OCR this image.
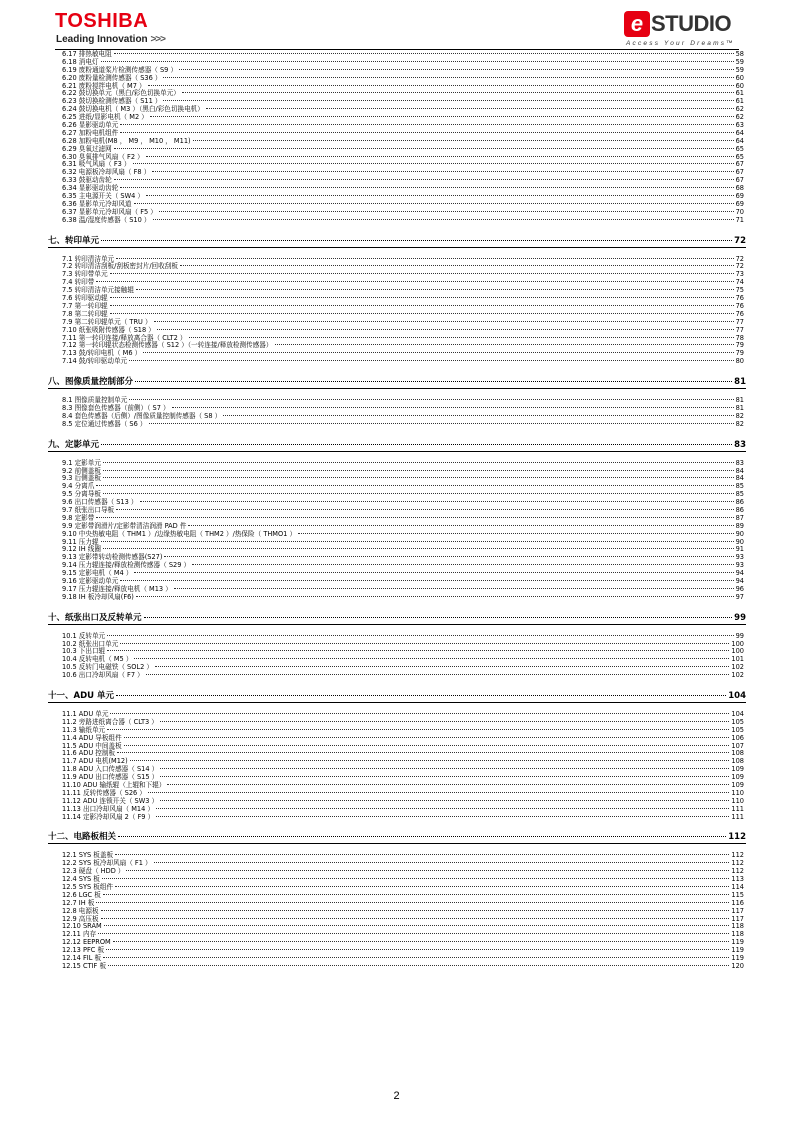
TOSHIBA
Leading Innovation >>>
e STUDIO
Access Your Dreams™
6.17 排热敏电阻	58
6.18 消电灯	59
6.19 废粉通道桨片检测传感器（ S9 ）	59
6.20 废粉量检测传感器（ S36 ）	60
6.21 废粉搅拌电机（ M7 ）	60
6.22 鼓切换单元（黑白/彩色切换单元）	61
6.23 鼓切换检测传感器（ S11 ）	61
6.24 鼓切换电机（ M3 ）（黑白/彩色切换电机）	62
6.25 进纸/显影电机（ M2 ）	62
6.26 显影驱动单元	63
6.27 加粉电机组件	64
6.28 加粉电机(M8 ， M9 ， M10 ， M11)	64
6.29 臭氧过滤网	65
6.30 臭氧排气风扇（ F2 ）	65
6.31 吸气风扇（ F3 ）	67
6.32 电源板冷却风扇（ F8 ）	67
6.33 鼓驱动齿轮	67
6.34 显影驱动齿轮	68
6.35 主电源开关（ SW4 ）	69
6.36 显影单元冷却风道	69
6.37 显影单元冷却风扇（ F5 ）	70
6.38 温/湿度传感器（ S10 ）	71
七、转印单元	72
7.1 转印清洁单元	72
7.2 转印清洁刮板/刮板密封片/回收刮板	72
7.3 转印带单元	73
7.4 转印带	74
7.5 转印清洁单元接触辊	75
7.6 转印驱动辊	76
7.7 第一转印辊	76
7.8 第二转印辊	76
7.9 第二转印辊单元（ TRU ）	77
7.10 纸张吸附传感器（ S18 ）	77
7.11 第一转印连接/释放离合器（ CLT2 ）	78
7.12 第一转印辊状态检测传感器（ S12 ）（一转连接/释放检测传感器）	79
7.13 鼓/转印电机（ M6 ）	79
7.14 鼓/转印驱动单元	80
八、图像质量控制部分	81
8.1 图像质量控制单元	81
8.3 图像套色传感器（前侧）（ S7 ）	81
8.4 套色传感器（后侧）/图像质量控制传感器（ S8 ）	82
8.5 定位通过传感器（ S6 ）	82
九、定影单元	83
9.1 定影单元	83
9.2 前侧盖板	84
9.3 后侧盖板	84
9.4 分离爪	85
9.5 分离导板	85
9.6 出口传感器（ S13 ）	86
9.7 纸张出口导板	86
9.8 定影带	87
9.9 定影带润滑片/定影带清洁润滑 PAD 件	89
9.10 中央热敏电阻（ THM1 ）/边缘热敏电阻（ THM2 ）/热保险（ THMO1 ）	90
9.11 压力辊	90
9.12 IH 线圈	91
9.13 定影带转动检测传感器(S27)	93
9.14 压力辊连接/释放检测传感器（ S29 ）	93
9.15 定影电机（ M4 ）	94
9.16 定影驱动单元	94
9.17 压力辊连接/释放电机（ M13 ）	96
9.18 IH 板冷却风扇(F6)	97
十、纸张出口及反转单元	99
10.1 反转单元	99
10.2 纸张出口单元	100
10.3 下出口辊	100
10.4 反转电机（ M5 ）	101
10.5 反转门电磁铁（ SOL2 ）	102
10.6 出口冷却风扇（ F7 ）	102
十一、ADU 单元	104
11.1 ADU 单元	104
11.2 旁路进纸离合器（ CLT3 ）	105
11.3 输纸单元	105
11.4 ADU 导板组件	106
11.5 ADU 中间盖板	107
11.6 ADU 控制板	108
11.7 ADU 电机(M12)	108
11.8 ADU 入口传感器（ S14 ）	109
11.9 ADU 出口传感器（ S15 ）	109
11.10 ADU 输纸辊（上辊和下辊）	109
11.11 反转传感器（ S26 ）	110
11.12 ADU 连锁开关（ SW3 ）	110
11.13 出口冷却风扇（ M14 ）	111
11.14 定影冷却风扇 2（ F9 ）	111
十二、电路板相关	112
12.1 SYS 板盖板	112
12.2 SYS 板冷却风扇（ F1 ）	112
12.3 硬盘（ HDD ）	112
12.4 SYS 板	113
12.5 SYS 板组件	114
12.6 LGC 板	115
12.7 IH 板	116
12.8 电源板	117
12.9 高压板	117
12.10 SRAM	118
12.11 内存	118
12.12 EEPROM	119
12.13 PFC 板	119
12.14 FIL 板	119
12.15 CTIF 板	120
2
